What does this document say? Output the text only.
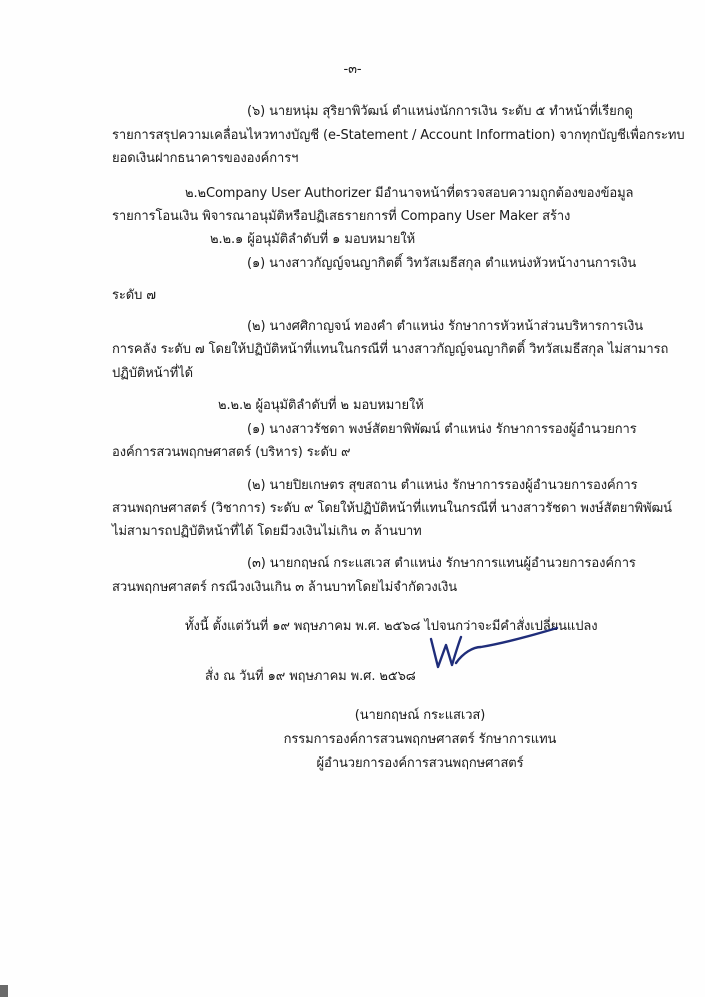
-๓-
(๖) นายหนุ่ม สุริยาพิวัฒน์ ตำแหน่งนักการเงิน ระดับ ๕ ทำหน้าที่เรียกดู
รายการสรุปความเคลื่อนไหวทางบัญชี (e-Statement / Account Information) จากทุกบัญชีเพื่อกระทบ
ยอดเงินฝากธนาคารขององค์การฯ
๒.๒Company User Authorizer มีอำนาจหน้าที่ตรวจสอบความถูกต้องของข้อมูล
รายการโอนเงิน พิจารณาอนุมัติหรือปฏิเสธรายการที่ Company User Maker สร้าง
๒.๒.๑ ผู้อนุมัติลำดับที่ ๑ มอบหมายให้
(๑) นางสาวกัญญ์จนญากิตติ์ วิทวัสเมธีสกุล ตำแหน่งหัวหน้างานการเงิน
ระดับ ๗
(๒) นางศศิกาญจน์ ทองคำ ตำแหน่ง รักษาการหัวหน้าส่วนบริหารการเงิน
การคลัง ระดับ ๗ โดยให้ปฏิบัติหน้าที่แทนในกรณีที่ นางสาวกัญญ์จนญากิตติ์ วิทวัสเมธีสกุล ไม่สามารถ
ปฏิบัติหน้าที่ได้
๒.๒.๒ ผู้อนุมัติลำดับที่ ๒ มอบหมายให้
(๑) นางสาวรัชดา พงษ์สัตยาพิพัฒน์ ตำแหน่ง รักษาการรองผู้อำนวยการ
องค์การสวนพฤกษศาสตร์ (บริหาร) ระดับ ๙
(๒) นายปิยเกษตร สุขสถาน ตำแหน่ง รักษาการรองผู้อำนวยการองค์การ
สวนพฤกษศาสตร์ (วิชาการ) ระดับ ๙ โดยให้ปฏิบัติหน้าที่แทนในกรณีที่ นางสาวรัชดา พงษ์สัตยาพิพัฒน์
ไม่สามารถปฏิบัติหน้าที่ได้ โดยมีวงเงินไม่เกิน ๓ ล้านบาท
(๓) นายกฤษณ์ กระแสเวส ตำแหน่ง รักษาการแทนผู้อำนวยการองค์การ
สวนพฤกษศาสตร์ กรณีวงเงินเกิน ๓ ล้านบาทโดยไม่จำกัดวงเงิน
ทั้งนี้ ตั้งแต่วันที่ ๑๙ พฤษภาคม พ.ศ. ๒๕๖๘ ไปจนกว่าจะมีคำสั่งเปลี่ยนแปลง
สั่ง ณ วันที่ ๑๙ พฤษภาคม พ.ศ. ๒๕๖๘
(นายกฤษณ์ กระแสเวส)
กรรมการองค์การสวนพฤกษศาสตร์ รักษาการแทน
ผู้อำนวยการองค์การสวนพฤกษศาสตร์
